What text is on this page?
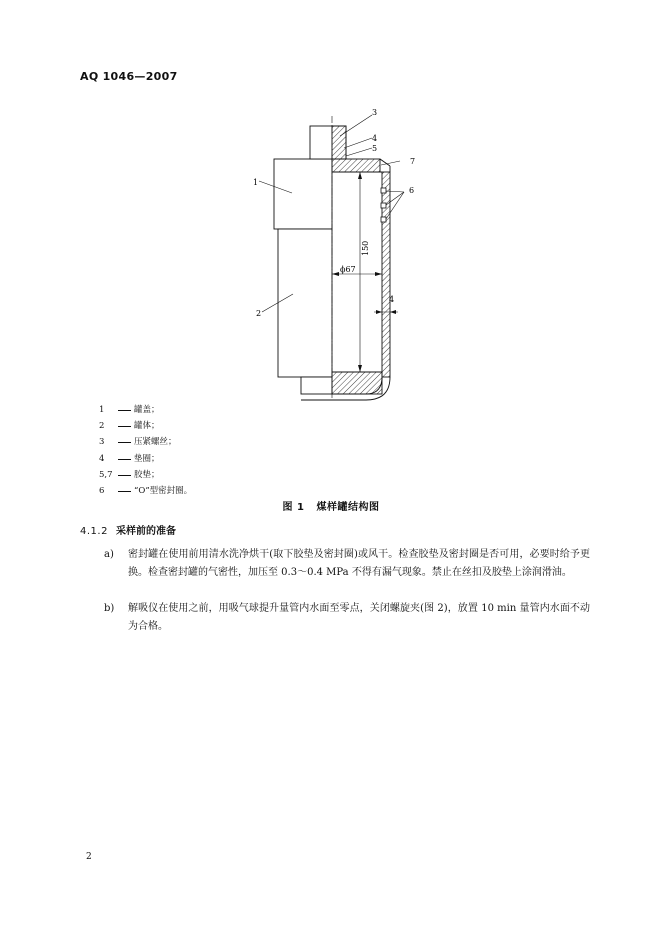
AQ 1046—2007
150
ϕ67
4
1
2
3
4
5
7
6
1	罐盖；
2	罐体；
3	压紧螺丝；
4	垫圈；
5,7	胶垫；
6	“O”型密封圈。
图 1 煤样罐结构图
4.1.2 采样前的准备
a)	密封罐在使用前用清水洗净烘干(取下胶垫及密封圈)或风干。检查胶垫及密封圈是否可用，必要时给予更换。检查密封罐的气密性，加压至 0.3～0.4 MPa 不得有漏气现象。禁止在丝扣及胶垫上涂润滑油。
b)	解吸仪在使用之前，用吸气球提升量管内水面至零点，关闭螺旋夹(图 2)，放置 10 min 量管内水面不动为合格。
2
